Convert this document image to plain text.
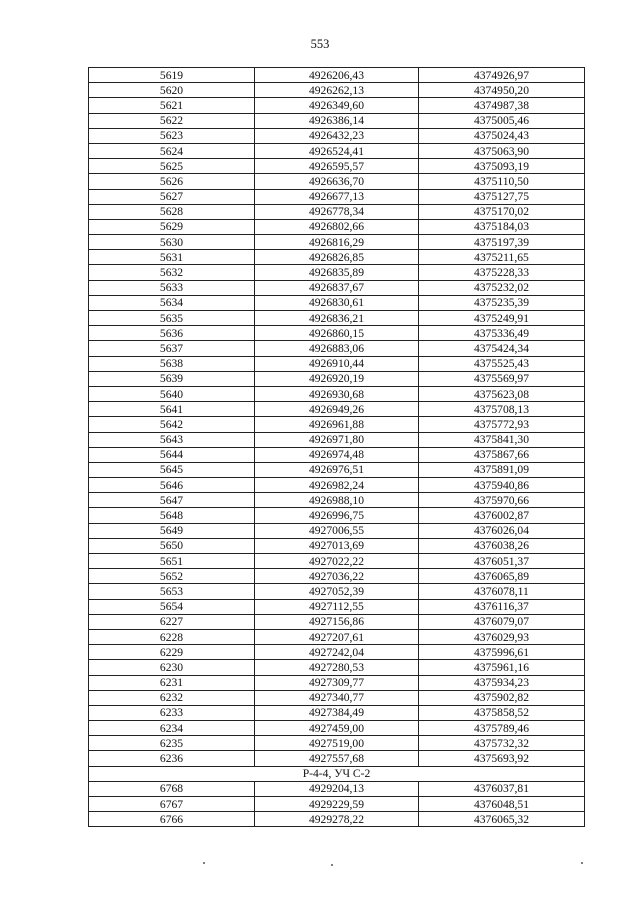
553
5619	4926206,43	4374926,97
5620	4926262,13	4374950,20
5621	4926349,60	4374987,38
5622	4926386,14	4375005,46
5623	4926432,23	4375024,43
5624	4926524,41	4375063,90
5625	4926595,57	4375093,19
5626	4926636,70	4375110,50
5627	4926677,13	4375127,75
5628	4926778,34	4375170,02
5629	4926802,66	4375184,03
5630	4926816,29	4375197,39
5631	4926826,85	4375211,65
5632	4926835,89	4375228,33
5633	4926837,67	4375232,02
5634	4926830,61	4375235,39
5635	4926836,21	4375249,91
5636	4926860,15	4375336,49
5637	4926883,06	4375424,34
5638	4926910,44	4375525,43
5639	4926920,19	4375569,97
5640	4926930,68	4375623,08
5641	4926949,26	4375708,13
5642	4926961,88	4375772,93
5643	4926971,80	4375841,30
5644	4926974,48	4375867,66
5645	4926976,51	4375891,09
5646	4926982,24	4375940,86
5647	4926988,10	4375970,66
5648	4926996,75	4376002,87
5649	4927006,55	4376026,04
5650	4927013,69	4376038,26
5651	4927022,22	4376051,37
5652	4927036,22	4376065,89
5653	4927052,39	4376078,11
5654	4927112,55	4376116,37
6227	4927156,86	4376079,07
6228	4927207,61	4376029,93
6229	4927242,04	4375996,61
6230	4927280,53	4375961,16
6231	4927309,77	4375934,23
6232	4927340,77	4375902,82
6233	4927384,49	4375858,52
6234	4927459,00	4375789,46
6235	4927519,00	4375732,32
6236	4927557,68	4375693,92
Р-4-4, УЧ С-2		
6768	4929204,13	4376037,81
6767	4929229,59	4376048,51
6766	4929278,22	4376065,32
